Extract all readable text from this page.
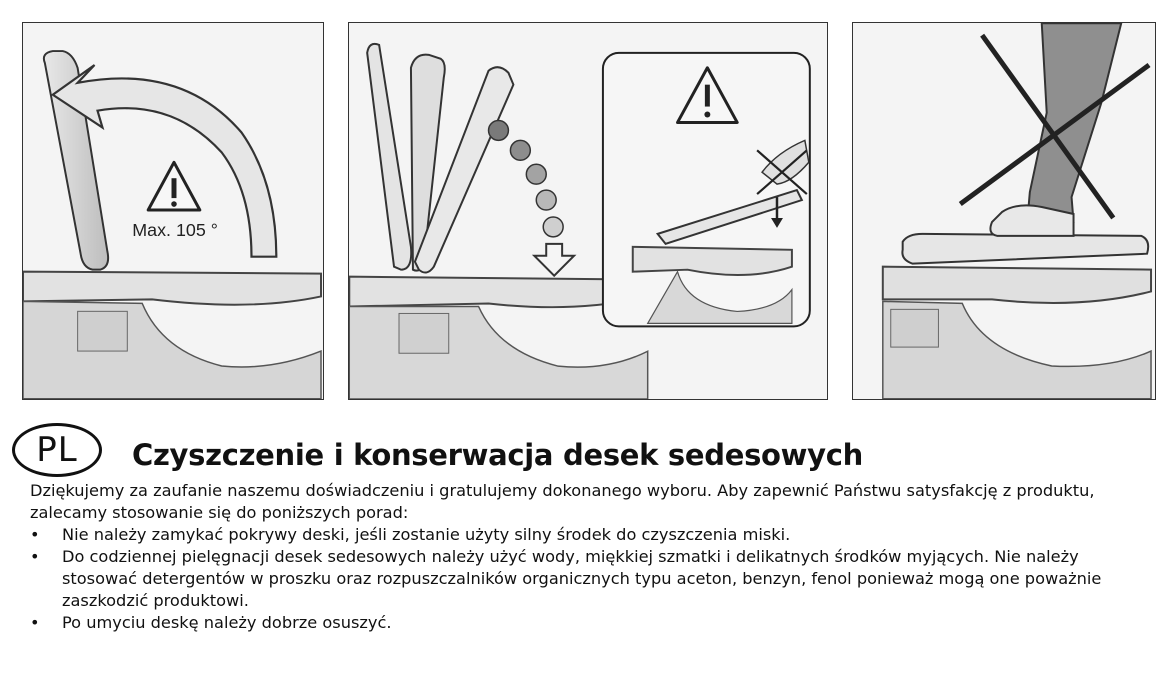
Max. 105 °
PL	Czyszczenie i konserwacja desek sedesowych

Dziękujemy za zaufanie naszemu doświadczeniu i gratulujemy dokonanego wyboru. Aby zapewnić Państwu satysfakcję z produktu, zalecamy stosowanie się do poniższych porad:

•	Nie należy zamykać pokrywy deski, jeśli zostanie użyty silny środek do czyszczenia miski.
•	Do codziennej pielęgnacji desek sedesowych należy użyć wody, miękkiej szmatki i delikatnych środków myjących. Nie należy stosować detergentów w proszku oraz rozpuszczalników organicznych typu aceton, benzyn, fenol ponieważ mogą one poważnie zaszkodzić produktowi.
•	Po umyciu deskę należy dobrze osuszyć.
